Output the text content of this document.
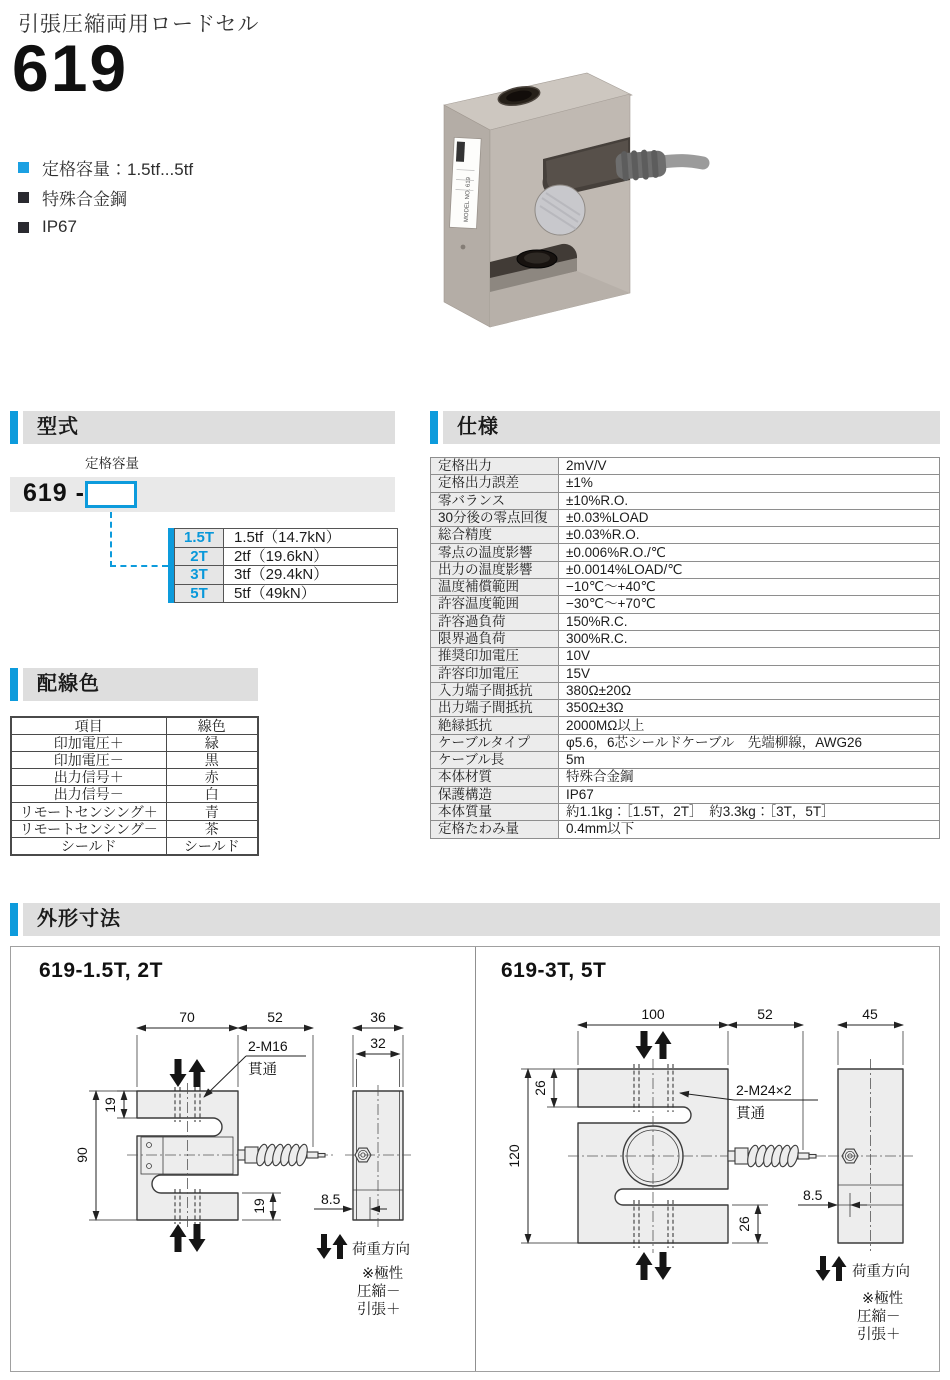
引張圧縮両用ロードセル
619
定格容量：1.5tf...5tf
特殊合金鋼
IP67
MODEL NO. 619
型式
定格容量
619 -
1.5T	1.5tf（14.7kN）
2T	2tf（19.6kN）
3T	3tf（29.4kN）
5T	5tf（49kN）
仕様
定格出力	2mV/V
定格出力誤差	±1%
零バランス	±10%R.O.
30分後の零点回復	±0.03%LOAD
総合精度	±0.03%R.O.
零点の温度影響	±0.006%R.O./℃
出力の温度影響	±0.0014%LOAD/℃
温度補償範囲	−10℃～+40℃
許容温度範囲	−30℃～+70℃
許容過負荷	150%R.C.
限界過負荷	300%R.C.
推奨印加電圧	10V
許容印加電圧	15V
入力端子間抵抗	380Ω±20Ω
出力端子間抵抗	350Ω±3Ω
絶縁抵抗	2000MΩ以上
ケーブルタイプ	φ5.6，6芯シールドケーブル　先端柳線，AWG26
ケーブル長	5m
本体材質	特殊合金鋼
保護構造	IP67
本体質量	約1.1kg：［1.5T，2T］　約3.3kg：［3T，5T］
定格たわみ量	0.4mm以下
配線色
項目	線色
印加電圧＋	緑
印加電圧－	黒
出力信号＋	赤
出力信号－	白
リモートセンシング＋	青
リモートセンシング－	茶
シールド	シールド
外形寸法
619-1.5T, 2T	619-3T, 5T
70	52	36
32
19
90
19	8.5
2-M16
貫通
荷重方向
※極性
圧縮－
引張＋
100	52	45
26
120
26
8.5
2-M24×2
貫通
荷重方向
※極性
圧縮－
引張＋
